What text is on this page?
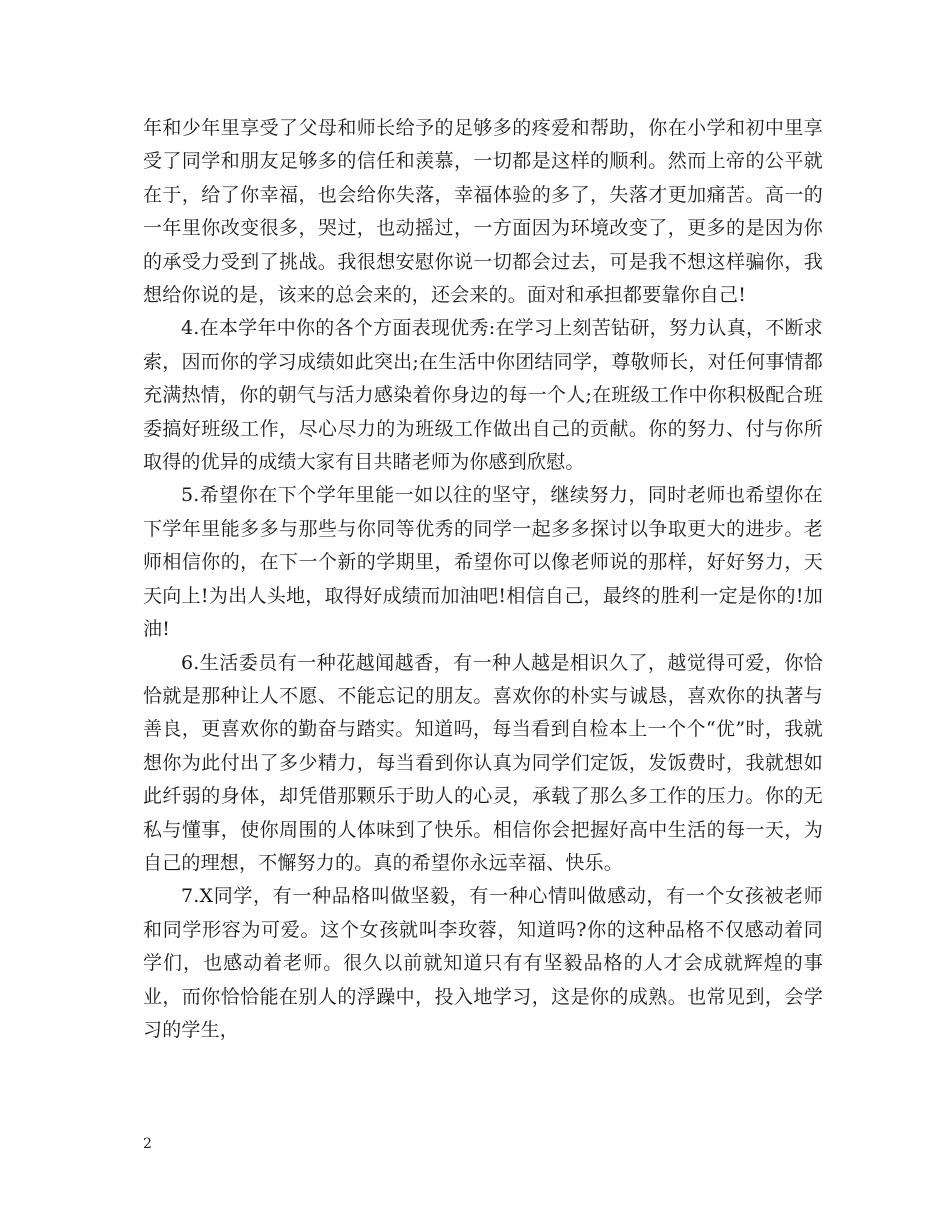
年和少年里享受了父母和师长给予的足够多的疼爱和帮助，你在小学和初中里享受了同学和朋友足够多的信任和羡慕，一切都是这样的顺利。然而上帝的公平就在于，给了你幸福，也会给你失落，幸福体验的多了，失落才更加痛苦。高一的一年里你改变很多，哭过，也动摇过，一方面因为环境改变了，更多的是因为你的承受力受到了挑战。我很想安慰你说一切都会过去，可是我不想这样骗你，我想给你说的是，该来的总会来的，还会来的。面对和承担都要靠你自己!

4.在本学年中你的各个方面表现优秀:在学习上刻苦钻研，努力认真，不断求索，因而你的学习成绩如此突出;在生活中你团结同学，尊敬师长，对任何事情都充满热情，你的朝气与活力感染着你身边的每一个人;在班级工作中你积极配合班委搞好班级工作，尽心尽力的为班级工作做出自己的贡献。你的努力、付与你所取得的优异的成绩大家有目共睹老师为你感到欣慰。

5.希望你在下个学年里能一如以往的坚守，继续努力，同时老师也希望你在下学年里能多多与那些与你同等优秀的同学一起多多探讨以争取更大的进步。老师相信你的，在下一个新的学期里，希望你可以像老师说的那样，好好努力，天天向上!为出人头地，取得好成绩而加油吧!相信自己，最终的胜利一定是你的!加油!

6.生活委员有一种花越闻越香，有一种人越是相识久了，越觉得可爱，你恰恰就是那种让人不愿、不能忘记的朋友。喜欢你的朴实与诚恳，喜欢你的执著与善良，更喜欢你的勤奋与踏实。知道吗，每当看到自检本上一个个“优”时，我就想你为此付出了多少精力，每当看到你认真为同学们定饭，发饭费时，我就想如此纤弱的身体，却凭借那颗乐于助人的心灵，承载了那么多工作的压力。你的无私与懂事，使你周围的人体味到了快乐。相信你会把握好高中生活的每一天，为自己的理想，不懈努力的。真的希望你永远幸福、快乐。

7.X同学，有一种品格叫做坚毅，有一种心情叫做感动，有一个女孩被老师和同学形容为可爱。这个女孩就叫李玫蓉，知道吗?你的这种品格不仅感动着同学们，也感动着老师。很久以前就知道只有有坚毅品格的人才会成就辉煌的事业，而你恰恰能在别人的浮躁中，投入地学习，这是你的成熟。也常见到，会学习的学生，

2
